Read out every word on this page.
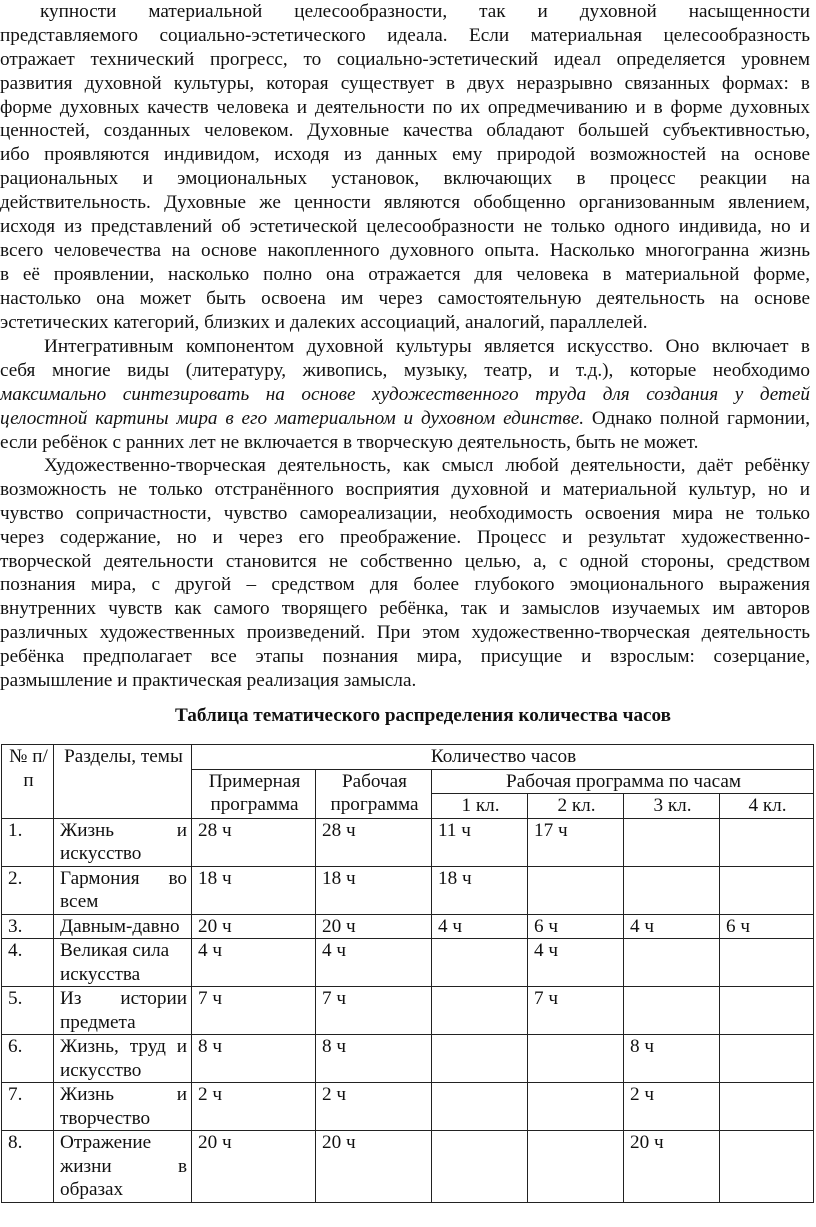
купности материальной целесообразности, так и духовной насыщенности
представляемого социально-эстетического идеала. Если материальная целесообразность
отражает технический прогресс, то социально-эстетический идеал определяется уровнем
развития духовной культуры, которая существует в двух неразрывно связанных формах: в
форме духовных качеств человека и деятельности по их опредмечиванию и в форме духовных
ценностей, созданных человеком. Духовные качества обладают большей субъективностью,
ибо проявляются индивидом, исходя из данных ему природой возможностей на основе
рациональных и эмоциональных установок, включающих в процесс реакции на
действительность. Духовные же ценности являются обобщенно организованным явлением,
исходя из представлений об эстетической целесообразности не только одного индивида, но и
всего человечества на основе накопленного духовного опыта. Насколько многогранна жизнь
в её проявлении, насколько полно она отражается для человека в материальной форме,
настолько она может быть освоена им через самостоятельную деятельность на основе
эстетических категорий, близких и далеких ассоциаций, аналогий, параллелей.
Интегративным компонентом духовной культуры является искусство. Оно включает в
себя многие виды (литературу, живопись, музыку, театр, и т.д.), которые необходимо
максимально синтезировать на основе художественного труда для создания у детей
целостной картины мира в его материальном и духовном единстве. Однако полной гармонии,
если ребёнок с ранних лет не включается в творческую деятельность, быть не может.
Художественно-творческая деятельность, как смысл любой деятельности, даёт ребёнку
возможность не только отстранённого восприятия духовной и материальной культур, но и
чувство сопричастности, чувство самореализации, необходимость освоения мира не только
через содержание, но и через его преображение. Процесс и результат художественно-
творческой деятельности становится не собственно целью, а, с одной стороны, средством
познания мира, с другой – средством для более глубокого эмоционального выражения
внутренних чувств как самого творящего ребёнка, так и замыслов изучаемых им авторов
различных художественных произведений. При этом художественно-творческая деятельность
ребёнка предполагает все этапы познания мира, присущие и взрослым: созерцание,
размышление и практическая реализация замысла.
Таблица тематического распределения количества часов
№ п/п	Разделы, темы	Количество часов					
		Примерная программа	Рабочая программа	Рабочая программа по часам			
				1 кл.	2 кл.	3 кл.	4 кл.
1.	Жизнь и искусство	28 ч	28 ч	11 ч	17 ч		
2.	Гармония во всем	18 ч	18 ч	18 ч			
3.	Давным-давно	20 ч	20 ч	4 ч	6 ч	4 ч	6 ч
4.	Великая сила искусства	4 ч	4 ч		4 ч		
5.	Из истории предмета	7 ч	7 ч		7 ч		
6.	Жизнь, труд и искусство	8 ч	8 ч			8 ч	
7.	Жизнь и творчество	2 ч	2 ч			2 ч	
8.	Отражение жизни в образах	20 ч	20 ч			20 ч	
